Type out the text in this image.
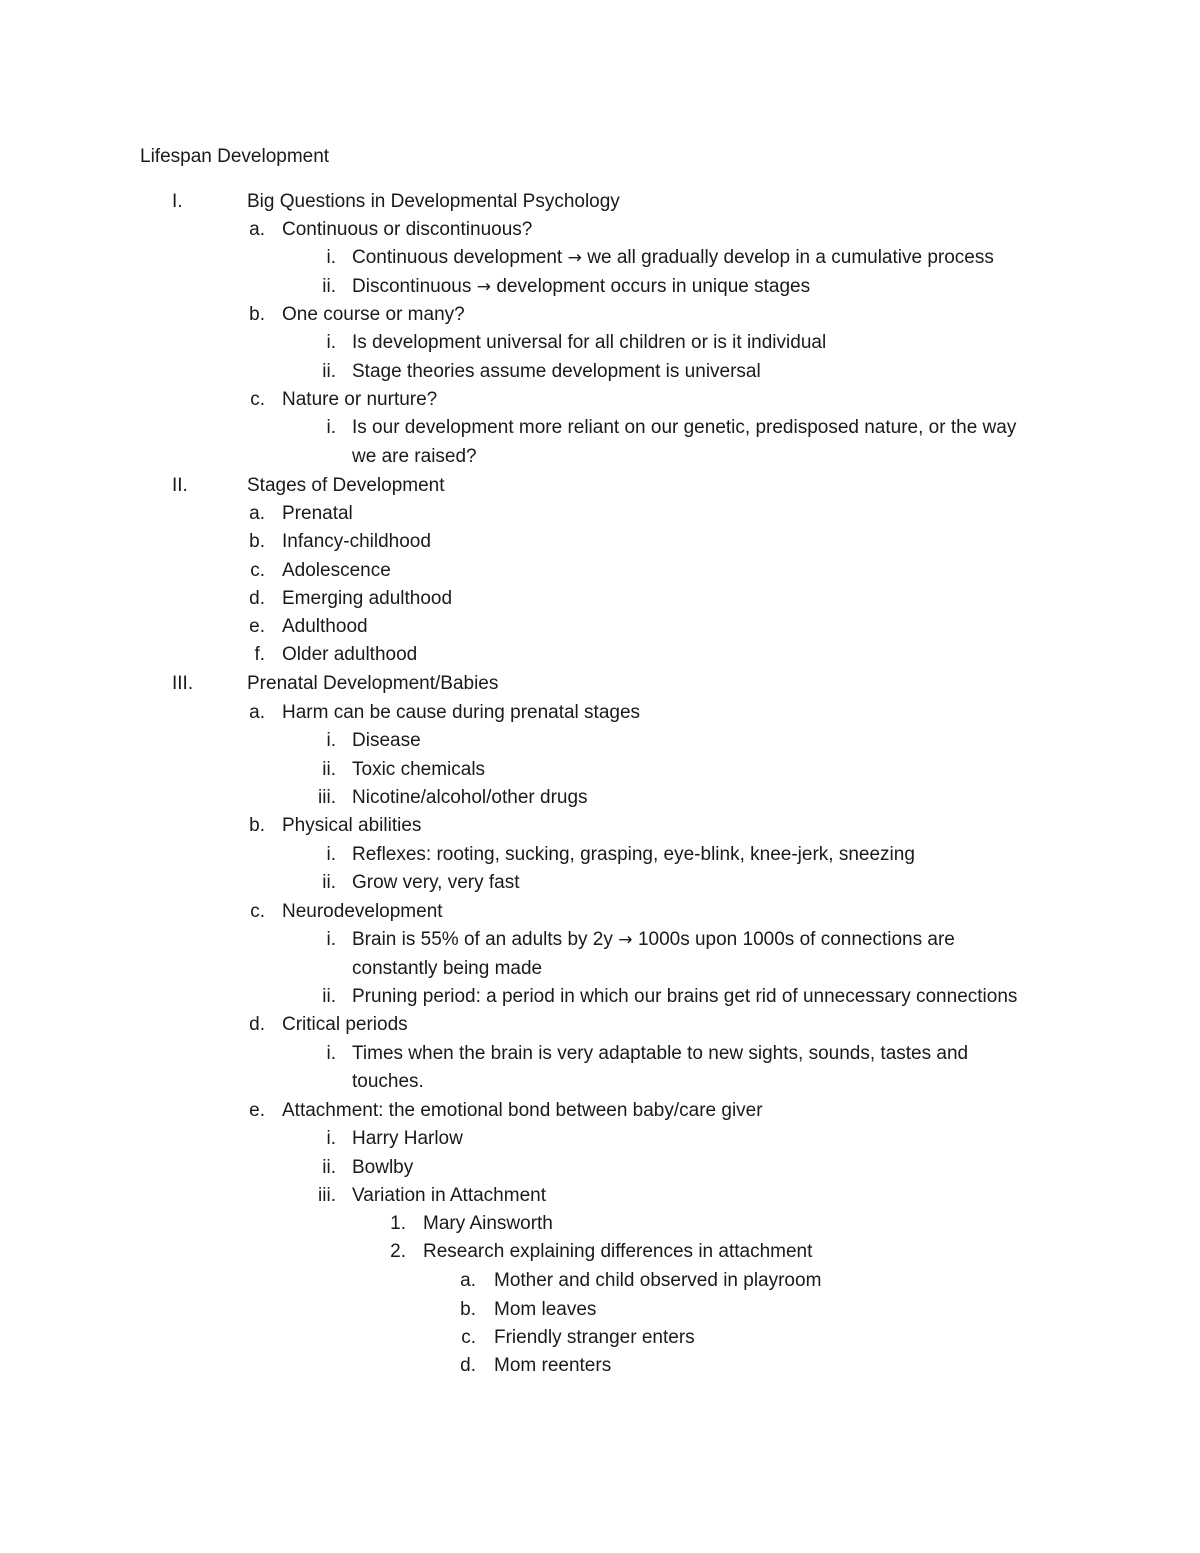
Lifespan Development
I.	Big Questions in Developmental Psychology
a. Continuous or discontinuous?
i. Continuous development → we all gradually develop in a cumulative process
ii. Discontinuous → development occurs in unique stages
b. One course or many?
i. Is development universal for all children or is it individual
ii. Stage theories assume development is universal
c. Nature or nurture?
i. Is our development more reliant on our genetic, predisposed nature, or the way
we are raised?
II.	Stages of Development
a. Prenatal
b. Infancy-childhood
c. Adolescence
d. Emerging adulthood
e. Adulthood
f. Older adulthood
III.	Prenatal Development/Babies
a. Harm can be cause during prenatal stages
i. Disease
ii. Toxic chemicals
iii. Nicotine/alcohol/other drugs
b. Physical abilities
i. Reflexes: rooting, sucking, grasping, eye-blink, knee-jerk, sneezing
ii. Grow very, very fast
c. Neurodevelopment
i. Brain is 55% of an adults by 2y → 1000s upon 1000s of connections are
constantly being made
ii. Pruning period: a period in which our brains get rid of unnecessary connections
d. Critical periods
i. Times when the brain is very adaptable to new sights, sounds, tastes and
touches.
e. Attachment: the emotional bond between baby/care giver
i. Harry Harlow
ii. Bowlby
iii. Variation in Attachment
1. Mary Ainsworth
2. Research explaining differences in attachment
a. Mother and child observed in playroom
b. Mom leaves
c. Friendly stranger enters
d. Mom reenters
